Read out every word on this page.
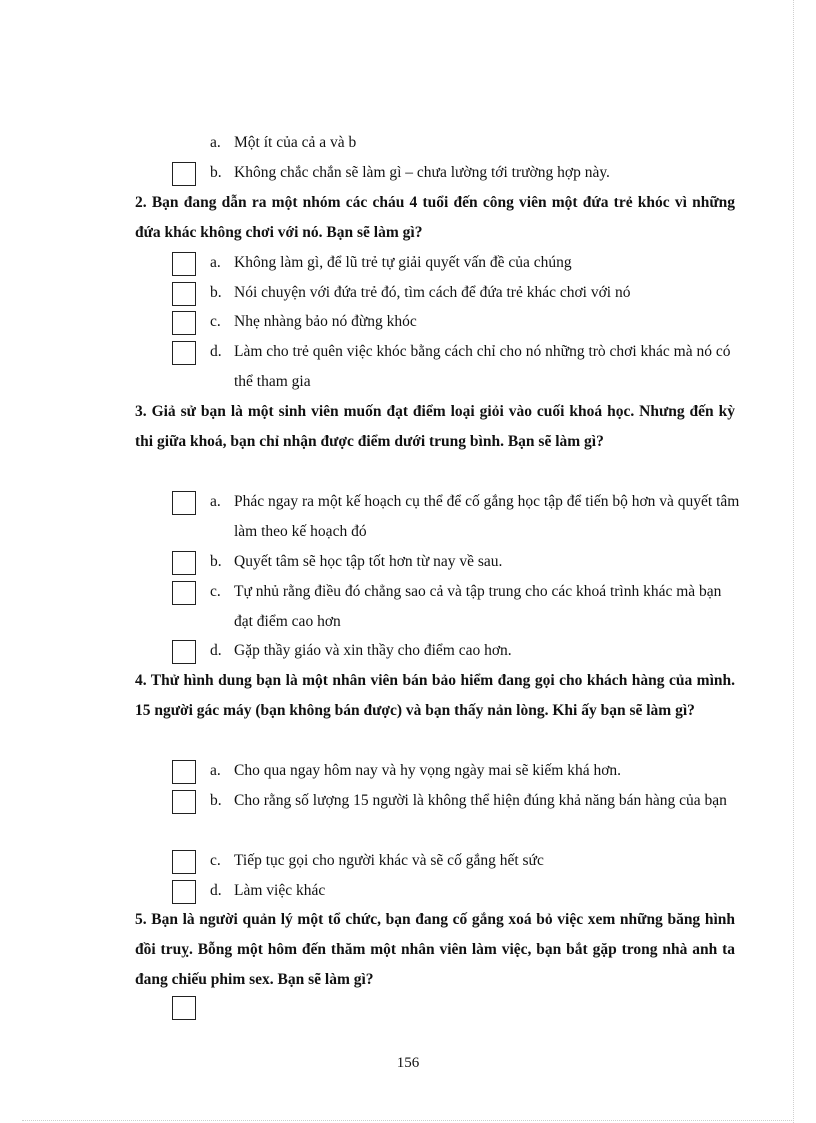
a. Một ít của cả a và b
b. Không chắc chắn sẽ làm gì – chưa lường tới trường hợp này.
2. Bạn đang dẫn ra một nhóm các cháu 4 tuổi đến công viên một đứa trẻ khóc vì những đứa khác không chơi với nó. Bạn sẽ làm gì?
a. Không làm gì, để lũ trẻ tự giải quyết vấn đề của chúng
b. Nói chuyện với đứa trẻ đó, tìm cách để đứa trẻ khác chơi với nó
c. Nhẹ nhàng bảo nó đừng khóc
d. Làm cho trẻ quên việc khóc bằng cách chỉ cho nó những trò chơi khác mà nó có thể tham gia
3. Giả sử bạn là một sinh viên muốn đạt điểm loại giỏi vào cuối khoá học. Nhưng đến kỳ thi giữa khoá, bạn chỉ nhận được điểm dưới trung bình. Bạn sẽ làm gì?
a. Phác ngay ra một kế hoạch cụ thể để cố gắng học tập để tiến bộ hơn và quyết tâm làm theo kế hoạch đó
b. Quyết tâm sẽ học tập tốt hơn từ nay về sau.
c. Tự nhủ rằng điều đó chẳng sao cả và tập trung cho các khoá trình khác mà bạn đạt điểm cao hơn
d. Gặp thầy giáo và xin thầy cho điểm cao hơn.
4. Thử hình dung bạn là một nhân viên bán bảo hiểm đang gọi cho khách hàng của mình. 15 người gác máy (bạn không bán được) và bạn thấy nản lòng. Khi ấy bạn sẽ làm gì?
a. Cho qua ngay hôm nay và hy vọng ngày mai sẽ kiếm khá hơn.
b. Cho rằng số lượng 15 người là không thể hiện đúng khả năng bán hàng của bạn
c. Tiếp tục gọi cho người khác và sẽ cố gắng hết sức
d. Làm việc khác
5. Bạn là người quản lý một tổ chức, bạn đang cố gắng xoá bỏ việc xem những băng hình đồi truỵ. Bỗng một hôm đến thăm một nhân viên làm việc, bạn bắt gặp trong nhà anh ta đang chiếu phim sex. Bạn sẽ làm gì?
156
